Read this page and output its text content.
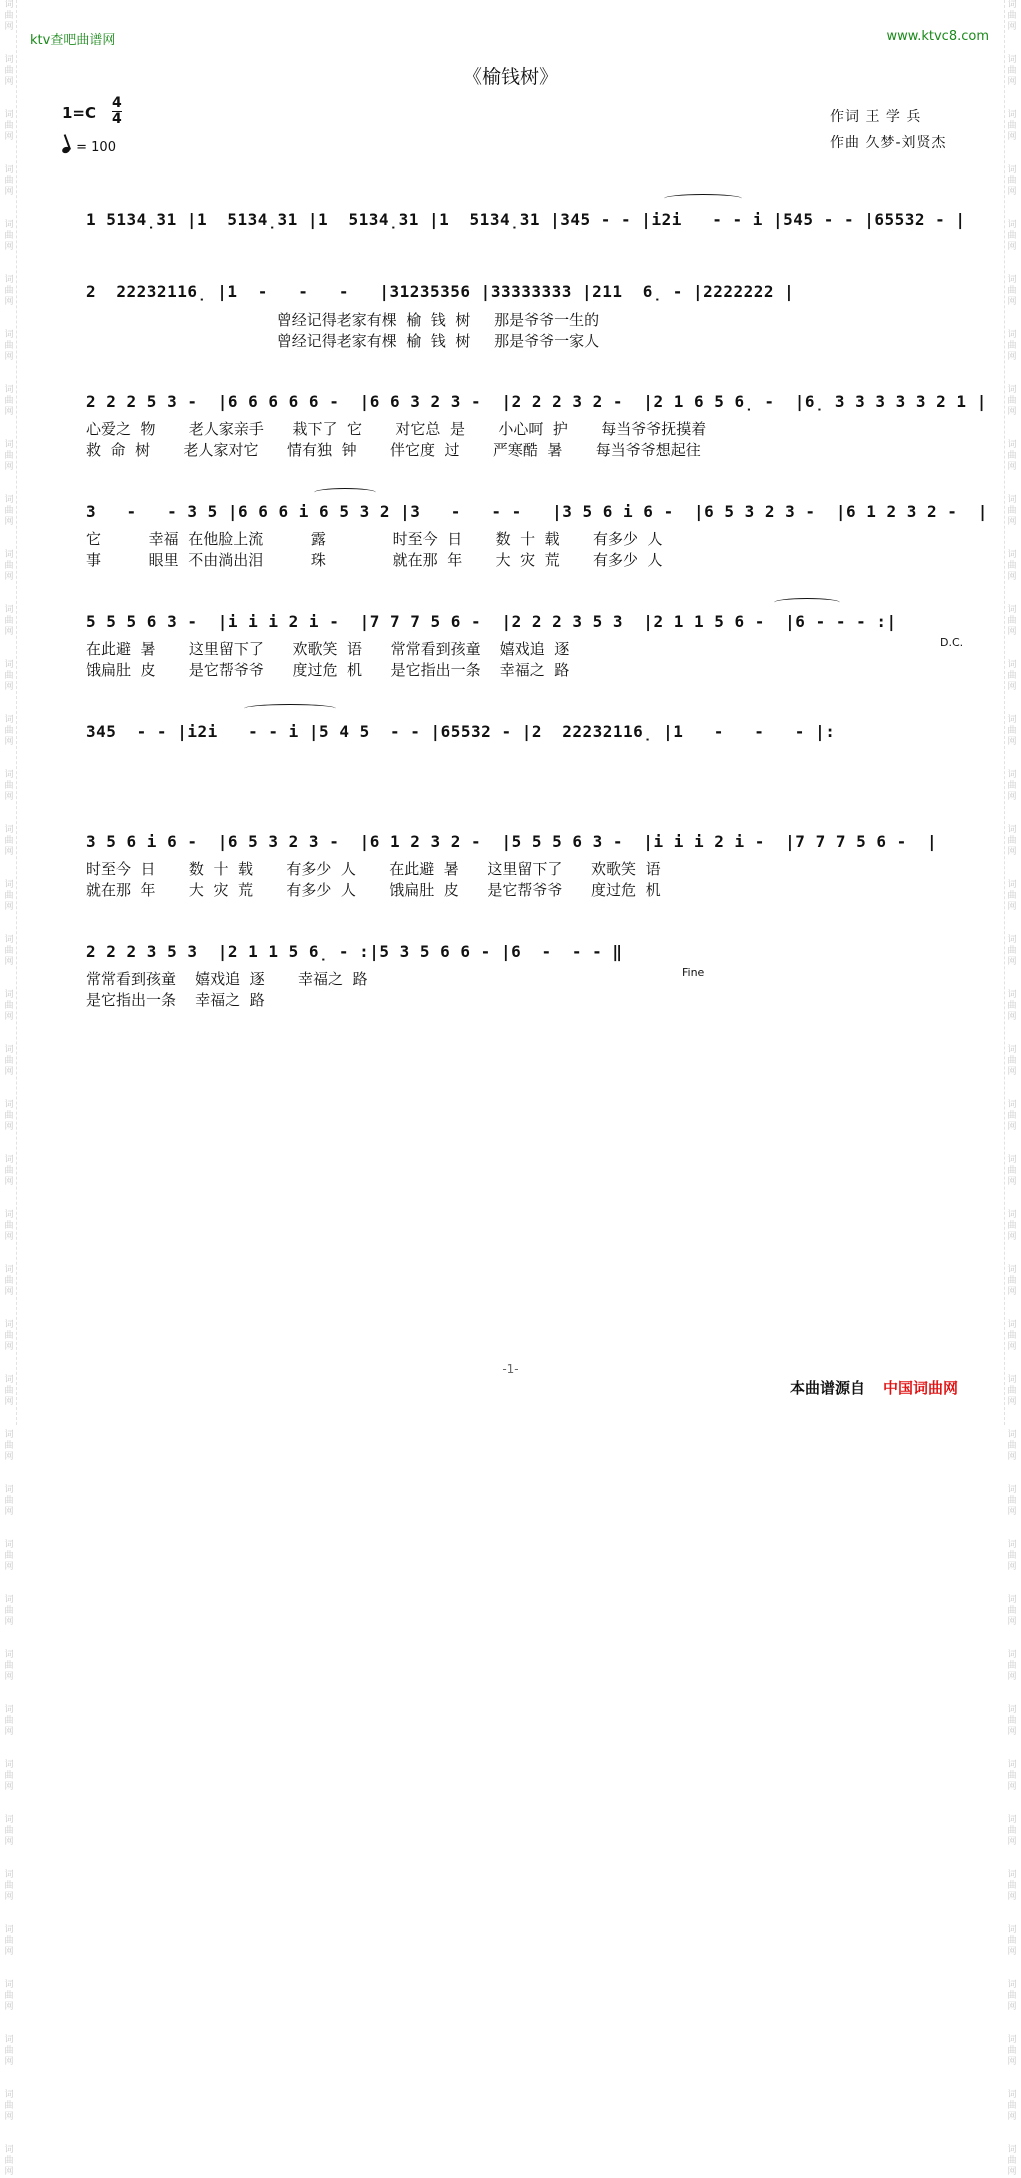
词
曲
网

词
曲
网

词
曲
网

词
曲
网

词
曲
网

词
曲
网

词
曲
网

词
曲
网

词
曲
网

词
曲
网

词
曲
网

词
曲
网

词
曲
网

词
曲
网

词
曲
网

词
曲
网

词
曲
网

词
曲
网

词
曲
网

词
曲
网

词
曲
网

词
曲
网

词
曲
网

词
曲
网

词
曲
网

词
曲
网

词
曲
网

词
曲
网

词
曲
网

词
曲
网

词
曲
网

词
曲
网

词
曲
网

词
曲
网

词
曲
网

词
曲
网

词
曲
网

词
曲
网

词
曲
网

词
曲
网

词
曲
网

词
曲
网

词
曲
网

词
曲
网

词
曲
网

词
曲
网

词
曲
网

词
曲
网

词
曲
网

词
曲
网

词
曲
网

词
曲
网

词
曲
网

词
曲
网

词
曲
网

词
曲
网

词
曲
网

词
曲
网

词
曲
网

词
曲
网

词
曲
网

词
曲
网

词
曲
网

词
曲
网

词
曲
网

词
曲
网

词
曲
网

词
曲
网

词
曲
网

词
曲
网

词
曲
网

词
曲
网

词
曲
网

词
曲
网

词
曲
网

词
曲
网

词
曲
网

词
曲
网

词
曲
网

词
曲
网

ktv查吧曲谱网	www.ktvc8.com
《榆钱树》
1=C
4
4
= 100
作词 王 学 兵
作曲 久梦-刘贤杰
1 5134̣31 |1  5134̣31 |1  5134̣31 |1  5134̣31 |345 - - |i2i   - - i |545 - - |65532 - |
2  22232116̣ |1  -   -   -   |31235356 |33333333 |211  6̣ - |2222222 |
曾经记得老家有棵  榆  钱  树     那是爷爷一生的
曾经记得老家有棵  榆  钱  树     那是爷爷一家人
2 2 2 5 3 -  |6 6 6 6 6 -  |6 6 3 2 3 -  |2 2 2 3 2 -  |2 1 6 5 6̣ -  |6̣ 3 3 3 3 3 2 1 |
心爱之  物       老人家亲手      栽下了  它       对它总  是       小心呵  护       每当爷爷抚摸着
救  命  树       老人家对它      情有独  钟       伴它度  过       严寒酷  暑       每当爷爷想起往
3   -   - 3 5 |6 6 6 i 6 5 3 2 |3   -   - -   |3 5 6 i 6 -  |6 5 3 2 3 -  |6 1 2 3 2 -  |
它          幸福  在他脸上流          露              时至今  日       数  十  载       有多少  人
事          眼里  不由淌出泪          珠              就在那  年       大  灾  荒       有多少  人
5 5 5 6 3 -  |i i i 2 i -  |7 7 7 5 6 -  |2 2 2 3 5 3  |2 1 1 5 6 -  |6 - - - :|
D.C.
在此避  暑       这里留下了      欢歌笑  语      常常看到孩童    嬉戏追  逐
饿扁肚  皮       是它帮爷爷      度过危  机      是它指出一条    幸福之  路
345  - - |i2i   - - i |5 4 5  - - |65532 - |2  22232116̣ |1   -   -   - |:
3 5 6 i 6 -  |6 5 3 2 3 -  |6 1 2 3 2 -  |5 5 5 6 3 -  |i i i 2 i -  |7 7 7 5 6 -  |
时至今  日       数  十  载       有多少  人       在此避  暑      这里留下了      欢歌笑  语
就在那  年       大  灾  荒       有多少  人       饿扁肚  皮      是它帮爷爷      度过危  机
2 2 2 3 5 3  |2 1 1 5 6̣ - :|5 3 5 6 6 - |6  -  - - ‖
Fine
常常看到孩童    嬉戏追  逐       幸福之  路
是它指出一条    幸福之  路
-1-
本曲谱源自 中国词曲网
